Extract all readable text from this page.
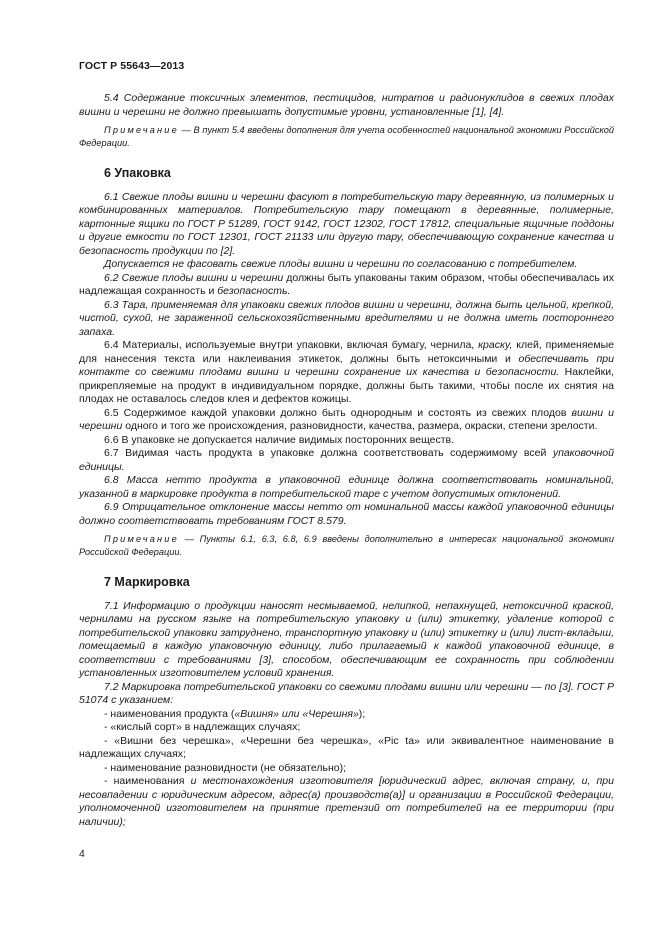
ГОСТ Р 55643—2013

5.4 Содержание токсичных элементов, пестицидов, нитратов и радионуклидов в свежих плодах вишни и черешни не должно превышать допустимые уровни, установленные [1], [4].

Примечание — В пункт 5.4 введены дополнения для учета особенностей национальной экономики Российской Федерации.

6 Упаковка

6.1 Свежие плоды вишни и черешни фасуют в потребительскую тару деревянную, из полимерных и комбинированных материалов. Потребительскую тару помещают в деревянные, полимерные, картонные ящики по ГОСТ Р 51289, ГОСТ 9142, ГОСТ 12302, ГОСТ 17812, специальные ящичные поддоны и другие емкости по ГОСТ 12301, ГОСТ 21133 или другую тару, обеспечивающую сохранение качества и безопасность продукции по [2].

Допускается не фасовать свежие плоды вишни и черешни по согласованию с потребителем.

6.2 Свежие плоды вишни и черешни должны быть упакованы таким образом, чтобы обеспечивалась их надлежащая сохранность и безопасность.

6.3 Тара, применяемая для упаковки свежих плодов вишни и черешни, должна быть цельной, крепкой, чистой, сухой, не зараженной сельскохозяйственными вредителями и не должна иметь постороннего запаха.

6.4 Материалы, используемые внутри упаковки, включая бумагу, чернила, краску, клей, применяемые для нанесения текста или наклеивания этикеток, должны быть нетоксичными и обеспечивать при контакте со свежими плодами вишни и черешни сохранение их качества и безопасности. Наклейки, прикрепляемые на продукт в индивидуальном порядке, должны быть такими, чтобы после их снятия на плодах не оставалось следов клея и дефектов кожицы.

6.5 Содержимое каждой упаковки должно быть однородным и состоять из свежих плодов вишни и черешни одного и того же происхождения, разновидности, качества, размера, окраски, степени зрелости.

6.6 В упаковке не допускается наличие видимых посторонних веществ.

6.7 Видимая часть продукта в упаковке должна соответствовать содержимому всей упаковочной единицы.

6.8 Масса нетто продукта в упаковочной единице должна соответствовать номинальной, указанной в маркировке продукта в потребительской таре с учетом допустимых отклонений.

6.9 Отрицательное отклонение массы нетто от номинальной массы каждой упаковочной единицы должно соответствовать требованиям ГОСТ 8.579.

Примечание — Пункты 6.1, 6.3, 6.8, 6.9 введены дополнительно в интересах национальной экономики Российской Федерации.

7 Маркировка

7.1 Информацию о продукции наносят несмываемой, нелипкой, непахнущей, нетоксичной краской, чернилами на русском языке на потребительскую упаковку и (или) этикетку, удаление которой с потребительской упаковки затруднено, транспортную упаковку и (или) этикетку и (или) лист-вкладыш, помещаемый в каждую упаковочную единицу, либо прилагаемый к каждой упаковочной единице, в соответствии с требованиями [3], способом, обеспечивающим ее сохранность при соблюдении установленных изготовителем условий хранения.

7.2 Маркировка потребительской упаковки со свежими плодами вишни или черешни — по [3]. ГОСТ Р 51074 с указанием:

- наименования продукта («Вишня» или «Черешня»);

- «кислый сорт» в надлежащих случаях;

- «Вишни без черешка», «Черешни без черешка», «Pic ta» или эквивалентное наименование в надлежащих случаях;

- наименование разновидности (не обязательно);

- наименования и местонахождения изготовителя [юридический адрес, включая страну, и, при несовпадении с юридическим адресом, адрес(а) производств(а)] и организации в Российской Федерации, уполномоченной изготовителем на принятие претензий от потребителей на ее территории (при наличии);

4
